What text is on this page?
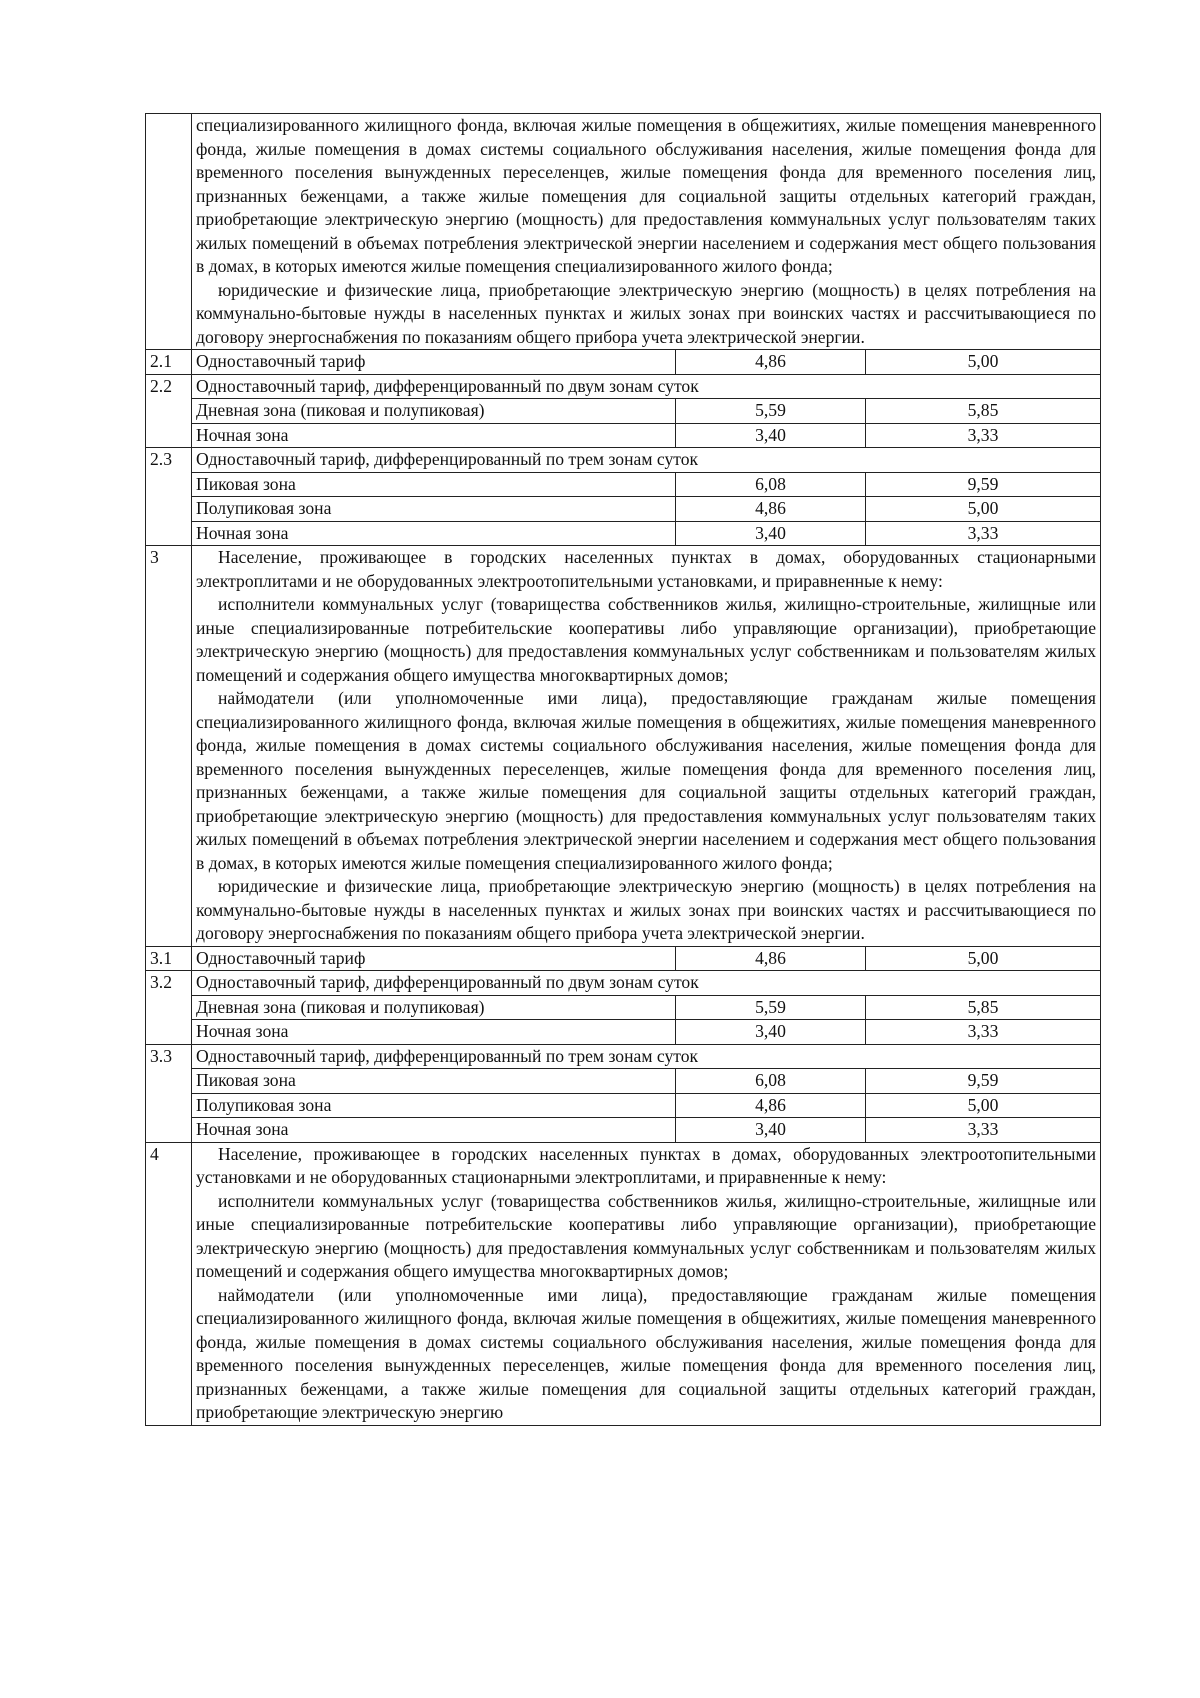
	специализированного жилищного фонда, включая жилые помещения в общежитиях, жилые помещения маневренного фонда, жилые помещения в домах системы социального обслуживания населения, жилые помещения фонда для временного поселения вынужденных переселенцев, жилые помещения фонда для временного поселения лиц, признанных беженцами, а также жилые помещения для социальной защиты отдельных категорий граждан, приобретающие электрическую энергию (мощность) для предоставления коммунальных услуг пользователям таких жилых помещений в объемах потребления электрической энергии населением и содержания мест общего пользования в домах, в которых имеются жилые помещения специализированного жилого фонда;

юридические и физические лица, приобретающие электрическую энергию (мощность) в целях потребления на коммунально-бытовые нужды в населенных пунктах и жилых зонах при воинских частях и рассчитывающиеся по договору энергоснабжения по показаниям общего прибора учета электрической энергии.		

2.1	Одноставочный тариф	4,86	5,00
2.2	Одноставочный тариф, дифференцированный по двум зонам суток		
	Дневная зона (пиковая и полупиковая)	5,59	5,85
	Ночная зона	3,40	3,33
2.3	Одноставочный тариф, дифференцированный по трем зонам суток		
	Пиковая зона	6,08	9,59
	Полупиковая зона	4,86	5,00
	Ночная зона	3,40	3,33
3	Население, проживающее в городских населенных пунктах в домах, оборудованных стационарными электроплитами и не оборудованных электроотопительными установками, и приравненные к нему:

исполнители коммунальных услуг (товарищества собственников жилья, жилищно-строительные, жилищные или иные специализированные потребительские кооперативы либо управляющие организации), приобретающие электрическую энергию (мощность) для предоставления коммунальных услуг собственникам и пользователям жилых помещений и содержания общего имущества многоквартирных домов;

наймодатели (или уполномоченные ими лица), предоставляющие гражданам жилые помещения специализированного жилищного фонда, включая жилые помещения в общежитиях, жилые помещения маневренного фонда, жилые помещения в домах системы социального обслуживания населения, жилые помещения фонда для временного поселения вынужденных переселенцев, жилые помещения фонда для временного поселения лиц, признанных беженцами, а также жилые помещения для социальной защиты отдельных категорий граждан, приобретающие электрическую энергию (мощность) для предоставления коммунальных услуг пользователям таких жилых помещений в объемах потребления электрической энергии населением и содержания мест общего пользования в домах, в которых имеются жилые помещения специализированного жилого фонда;

юридические и физические лица, приобретающие электрическую энергию (мощность) в целях потребления на коммунально-бытовые нужды в населенных пунктах и жилых зонах при воинских частях и рассчитывающиеся по договору энергоснабжения по показаниям общего прибора учета электрической энергии.		

3.1	Одноставочный тариф	4,86	5,00
3.2	Одноставочный тариф, дифференцированный по двум зонам суток		
	Дневная зона (пиковая и полупиковая)	5,59	5,85
	Ночная зона	3,40	3,33
3.3	Одноставочный тариф, дифференцированный по трем зонам суток		
	Пиковая зона	6,08	9,59
	Полупиковая зона	4,86	5,00
	Ночная зона	3,40	3,33
4	Население, проживающее в городских населенных пунктах в домах, оборудованных электроотопительными установками и не оборудованных стационарными электроплитами, и приравненные к нему:

исполнители коммунальных услуг (товарищества собственников жилья, жилищно-строительные, жилищные или иные специализированные потребительские кооперативы либо управляющие организации), приобретающие электрическую энергию (мощность) для предоставления коммунальных услуг собственникам и пользователям жилых помещений и содержания общего имущества многоквартирных домов;

наймодатели (или уполномоченные ими лица), предоставляющие гражданам жилые помещения специализированного жилищного фонда, включая жилые помещения в общежитиях, жилые помещения маневренного фонда, жилые помещения в домах системы социального обслуживания населения, жилые помещения фонда для временного поселения вынужденных переселенцев, жилые помещения фонда для временного поселения лиц, признанных беженцами, а также жилые помещения для социальной защиты отдельных категорий граждан, приобретающие электрическую энергию		
